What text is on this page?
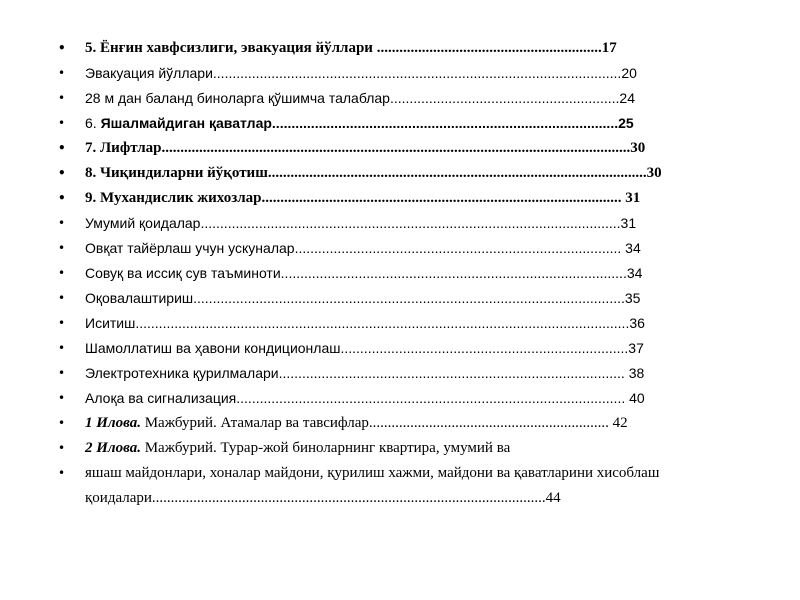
• 5. Ёнғин хавфсизлиги, эвакуация йўллари ............................................................17
• Эвакуация йўллари.........................................................................................................20
• 28 м дан баланд биноларга қўшимча талаблар...........................................................24
• 6. Яшалмайдиган қаватлар.........................................................................................25
• 7. Лифтлар.............................................................................................................................30
• 8. Чиқиндиларни йўқотиш.....................................................................................................30
• 9. Мухандислик жихозлар................................................................................................ 31
• Умумий қоидалар............................................................................................................31
• Овқат тайёрлаш учун ускуналар.................................................................................... 34
• Совуқ ва иссиқ сув таъминоти.........................................................................................34
• Оқовалаштириш...............................................................................................................35
• Иситиш...............................................................................................................................36
• Шамоллатиш ва ҳавони кондиционлаш..........................................................................37
• Электротехника қурилмалари......................................................................................... 38
• Алоқа ва сигнализация.................................................................................................... 40
• 1 Илова. Мажбурий. Атамалар ва тавсифлар................................................................ 42
• 2 Илова. Мажбурий. Турар-жой биноларнинг квартира, умумий ва
• яшаш майдонлари, хоналар майдони, қурилиш хажми, майдони ва қаватларини хисоблаш қоидалари.........................................................................................................44
